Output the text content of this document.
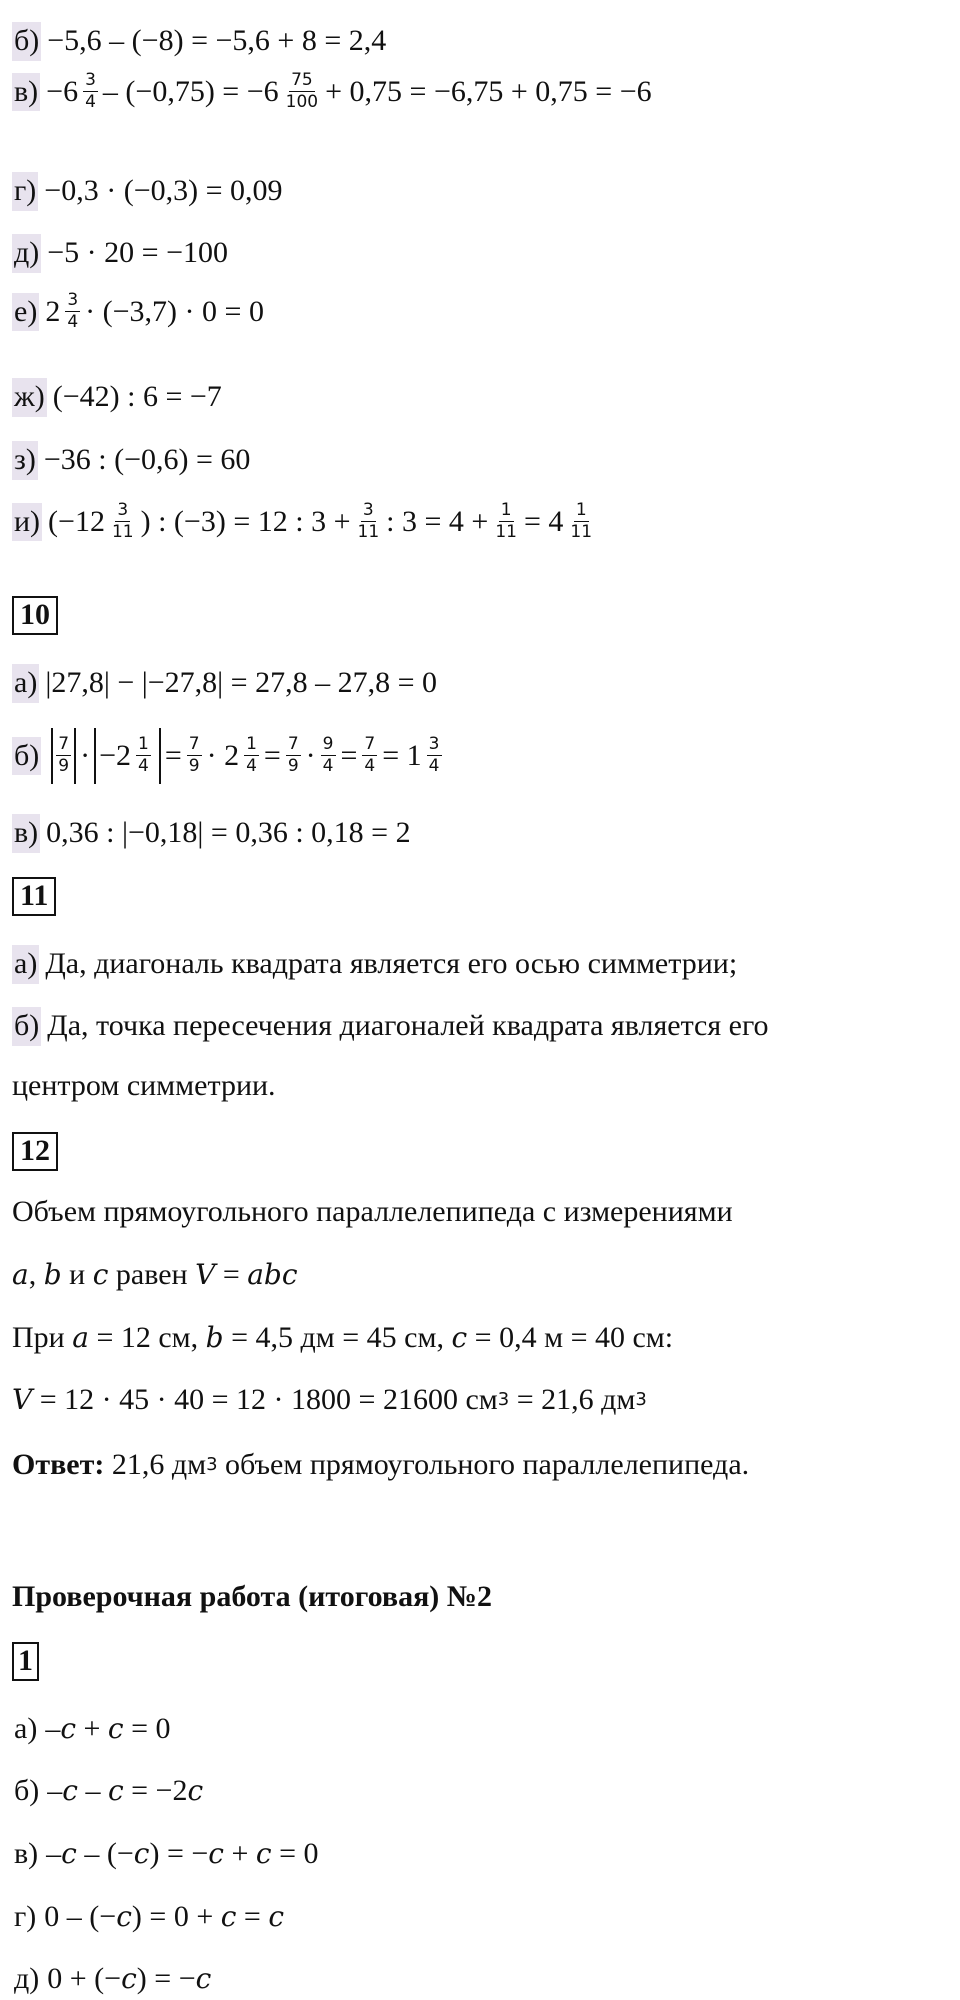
б) −5,6 – (−8) = −5,6 + 8 = 2,4
$в) -6 \frac{3}{4} - (-0,75) = -6 \frac{75}{100} + 0,75 = -6,75 + 0,75 = -6$
г) −0,3 · (−0,3) = 0,09
д) −5 · 20 = −100
е) $2 \frac{3}{4} \cdot (-3,7) \cdot 0 = 0$
ж) (−42) : 6 = −7
з) −36 : (−0,6) = 60
и) ($-12 \frac{3}{11}$ ) : (−3) = 12 : $3 + \frac{3}{11}$ : $3 = 4 + \frac{1}{11} = 4 \frac{1}{11}$
10
а) |27,8| − |−27,8| = 27,8 – 27,8 = 0
$б) \frac{7}{9} \cdot -2 \frac{1}{4} = \frac{7}{9} \cdot 2 \frac{1}{4} = \frac{7}{9} \cdot \frac{9}{4} = \frac{7}{4} = 1 \frac{3}{4}$
в) 0,36 : |−0,18| = 0,36 : 0,18 = 2
11
а) Да, диагональ квадрата является его осью симметрии;
б) Да, точка пересечения диагоналей квадрата является его
центром симметрии.
12
Объем прямоугольного параллелепипеда с измерениями
a ,
b
и
c
равен
V
=
abc
При
a
= 12 см,
b
= 4,5 дм = 45 см,
c
= 0,4 м = 40 см:
V
= 12 · 45 · 40 = 12 · 1800 = 21600 см 3
= 21,6 дм 3
Ответ:
21,6 дм 3
объем прямоугольного параллелепипеда.
Проверочная работа (итоговая) №2
1
а) – c + c = 0
б) – c – c = −2 c
в) – c – (− c ) = − c + c = 0
г) 0 – (− c ) = 0 + c = c
д) 0 + (− c ) = − c
